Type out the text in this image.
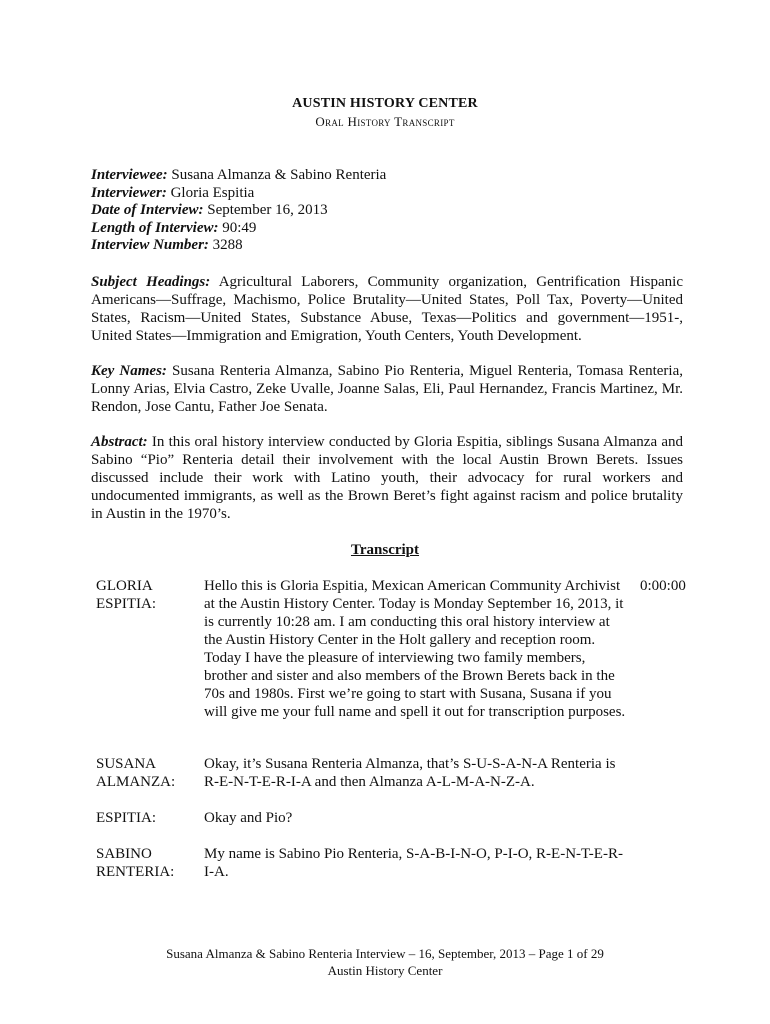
AUSTIN HISTORY CENTER
Oral History Transcript
Interviewee: Susana Almanza & Sabino Renteria
Interviewer: Gloria Espitia
Date of Interview: September 16, 2013
Length of Interview: 90:49
Interview Number: 3288
Subject Headings: Agricultural Laborers, Community organization, Gentrification Hispanic Americans—Suffrage, Machismo, Police Brutality—United States, Poll Tax, Poverty—United States, Racism—United States, Substance Abuse, Texas—Politics and government—1951-, United States—Immigration and Emigration, Youth Centers, Youth Development.
Key Names: Susana Renteria Almanza, Sabino Pio Renteria, Miguel Renteria, Tomasa Renteria, Lonny Arias, Elvia Castro, Zeke Uvalle, Joanne Salas, Eli, Paul Hernandez, Francis Martinez, Mr. Rendon, Jose Cantu, Father Joe Senata.
Abstract: In this oral history interview conducted by Gloria Espitia, siblings Susana Almanza and Sabino “Pio” Renteria detail their involvement with the local Austin Brown Berets. Issues discussed include their work with Latino youth, their advocacy for rural workers and undocumented immigrants, as well as the Brown Beret’s fight against racism and police brutality in Austin in the 1970’s.
Transcript
GLORIA
ESPITIA:
Hello this is Gloria Espitia, Mexican American Community Archivist at the Austin History Center. Today is Monday September 16, 2013, it is currently 10:28 am. I am conducting this oral history interview at the Austin History Center in the Holt gallery and reception room. Today I have the pleasure of interviewing two family members, brother and sister and also members of the Brown Berets back in the 70s and 1980s. First we’re going to start with Susana, Susana if you will give me your full name and spell it out for transcription purposes.
0:00:00
SUSANA
ALMANZA:
Okay, it’s Susana Renteria Almanza, that’s S-U-S-A-N-A Renteria is R-E-N-T-E-R-I-A and then Almanza A-L-M-A-N-Z-A.
ESPITIA:	Okay and Pio?
SABINO
RENTERIA:
My name is Sabino Pio Renteria, S-A-B-I-N-O, P-I-O, R-E-N-T-E-R-I-A.
Susana Almanza & Sabino Renteria Interview – 16, September, 2013 – Page 1 of 29
Austin History Center
